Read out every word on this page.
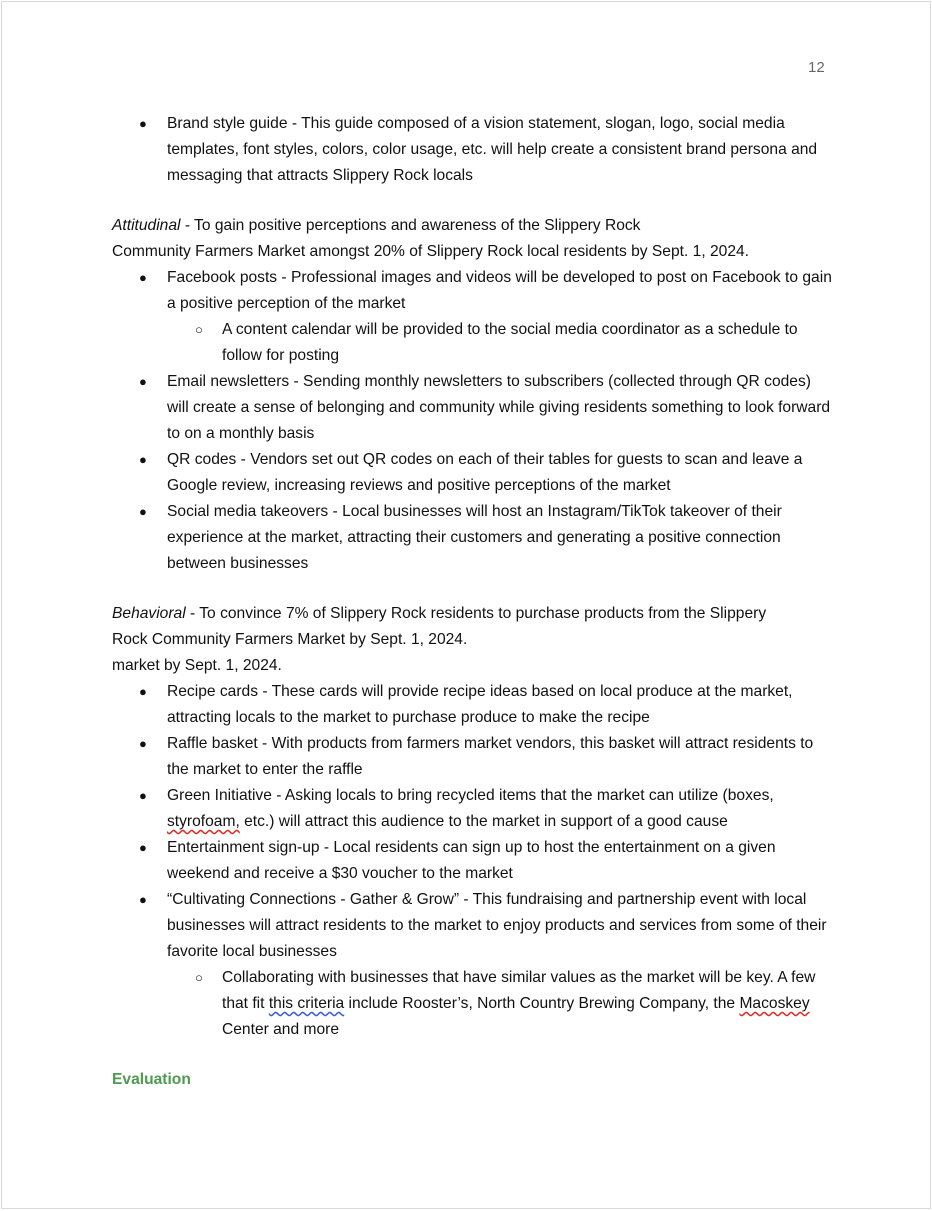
12
● Brand style guide - This guide composed of a vision statement, slogan, logo, social media templates, font styles, colors, color usage, etc. will help create a consistent brand persona and messaging that attracts Slippery Rock locals

Attitudinal - To gain positive perceptions and awareness of the Slippery Rock
Community Farmers Market amongst 20% of Slippery Rock local residents by Sept. 1, 2024.

● Facebook posts - Professional images and videos will be developed to post on Facebook to gain a positive perception of the market
○ A content calendar will be provided to the social media coordinator as a schedule to follow for posting
● Email newsletters - Sending monthly newsletters to subscribers (collected through QR codes) will create a sense of belonging and community while giving residents something to look forward to on a monthly basis
● QR codes - Vendors set out QR codes on each of their tables for guests to scan and leave a Google review, increasing reviews and positive perceptions of the market
● Social media takeovers - Local businesses will host an Instagram/TikTok takeover of their experience at the market, attracting their customers and generating a positive connection between businesses

Behavioral - To convince 7% of Slippery Rock residents to purchase products from the Slippery
Rock Community Farmers Market by Sept. 1, 2024.
market by Sept. 1, 2024.

● Recipe cards - These cards will provide recipe ideas based on local produce at the market, attracting locals to the market to purchase produce to make the recipe
● Raffle basket - With products from farmers market vendors, this basket will attract residents to the market to enter the raffle
● Green Initiative - Asking locals to bring recycled items that the market can utilize (boxes, styrofoam, etc.) will attract this audience to the market in support of a good cause
● Entertainment sign-up - Local residents can sign up to host the entertainment on a given weekend and receive a $30 voucher to the market
● “Cultivating Connections - Gather & Grow” - This fundraising and partnership event with local businesses will attract residents to the market to enjoy products and services from some of their favorite local businesses
○ Collaborating with businesses that have similar values as the market will be key. A few that fit this criteria include Rooster’s, North Country Brewing Company, the Macoskey Center and more
Evaluation
